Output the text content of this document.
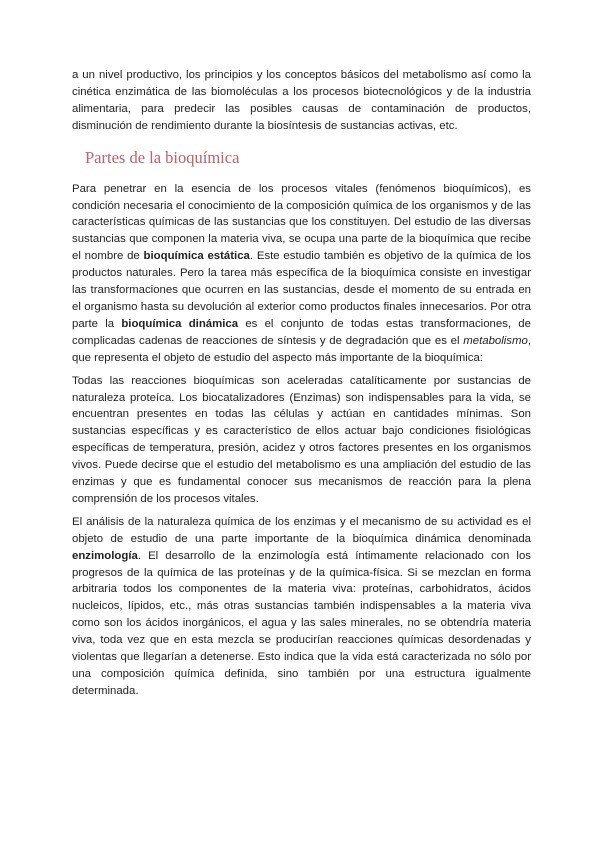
a un nivel productivo, los principios y los conceptos básicos del metabolismo así como la cinética enzimática de las biomoléculas a los procesos biotecnológicos y de la industria alimentaria, para predecir las posibles causas de contaminación de productos, disminución de rendimiento durante la biosíntesis de sustancias activas, etc.

Partes de la bioquímica

Para penetrar en la esencia de los procesos vitales (fenómenos bioquímicos), es condición necesaria el conocimiento de la composición química de los organismos y de las características químicas de las sustancias que los constituyen. Del estudio de las diversas sustancias que componen la materia viva, se ocupa una parte de la bioquímica que recibe el nombre de bioquímica estática. Este estudio también es objetivo de la química de los productos naturales. Pero la tarea más específica de la bioquímica consiste en investigar las transformaciones que ocurren en las sustancias, desde el momento de su entrada en el organismo hasta su devolución al exterior como productos finales innecesarios. Por otra parte la bioquímica dinámica es el conjunto de todas estas transformaciones, de complicadas cadenas de reacciones de síntesis y de degradación que es el metabolismo, que representa el objeto de estudio del aspecto más importante de la bioquímica:

Todas las reacciones bioquímicas son aceleradas catalíticamente por sustancias de naturaleza proteíca. Los biocatalizadores (Enzimas) son indispensables para la vida, se encuentran presentes en todas las células y actúan en cantidades mínimas. Son sustancias específicas y es característico de ellos actuar bajo condiciones fisiológicas específicas de temperatura, presión, acidez y otros factores presentes en los organismos vivos. Puede decirse que el estudio del metabolismo es una ampliación del estudio de las enzimas y que es fundamental conocer sus mecanismos de reacción para la plena comprensión de los procesos vitales.

El análisis de la naturaleza química de los enzimas y el mecanismo de su actividad es el objeto de estudio de una parte importante de la bioquímica dinámica denominada enzimología. El desarrollo de la enzimología está íntimamente relacionado con los progresos de la química de las proteínas y de la química-física. Si se mezclan en forma arbitraria todos los componentes de la materia viva: proteínas, carbohidratos, ácidos nucleicos, lípidos, etc., más otras sustancias también indispensables a la materia viva como son los ácidos inorgánicos, el agua y las sales minerales, no se obtendría materia viva, toda vez que en esta mezcla se producirían reacciones químicas desordenadas y violentas que llegarían a detenerse. Esto indica que la vida está caracterizada no sólo por una composición química definida, sino también por una estructura igualmente determinada.
